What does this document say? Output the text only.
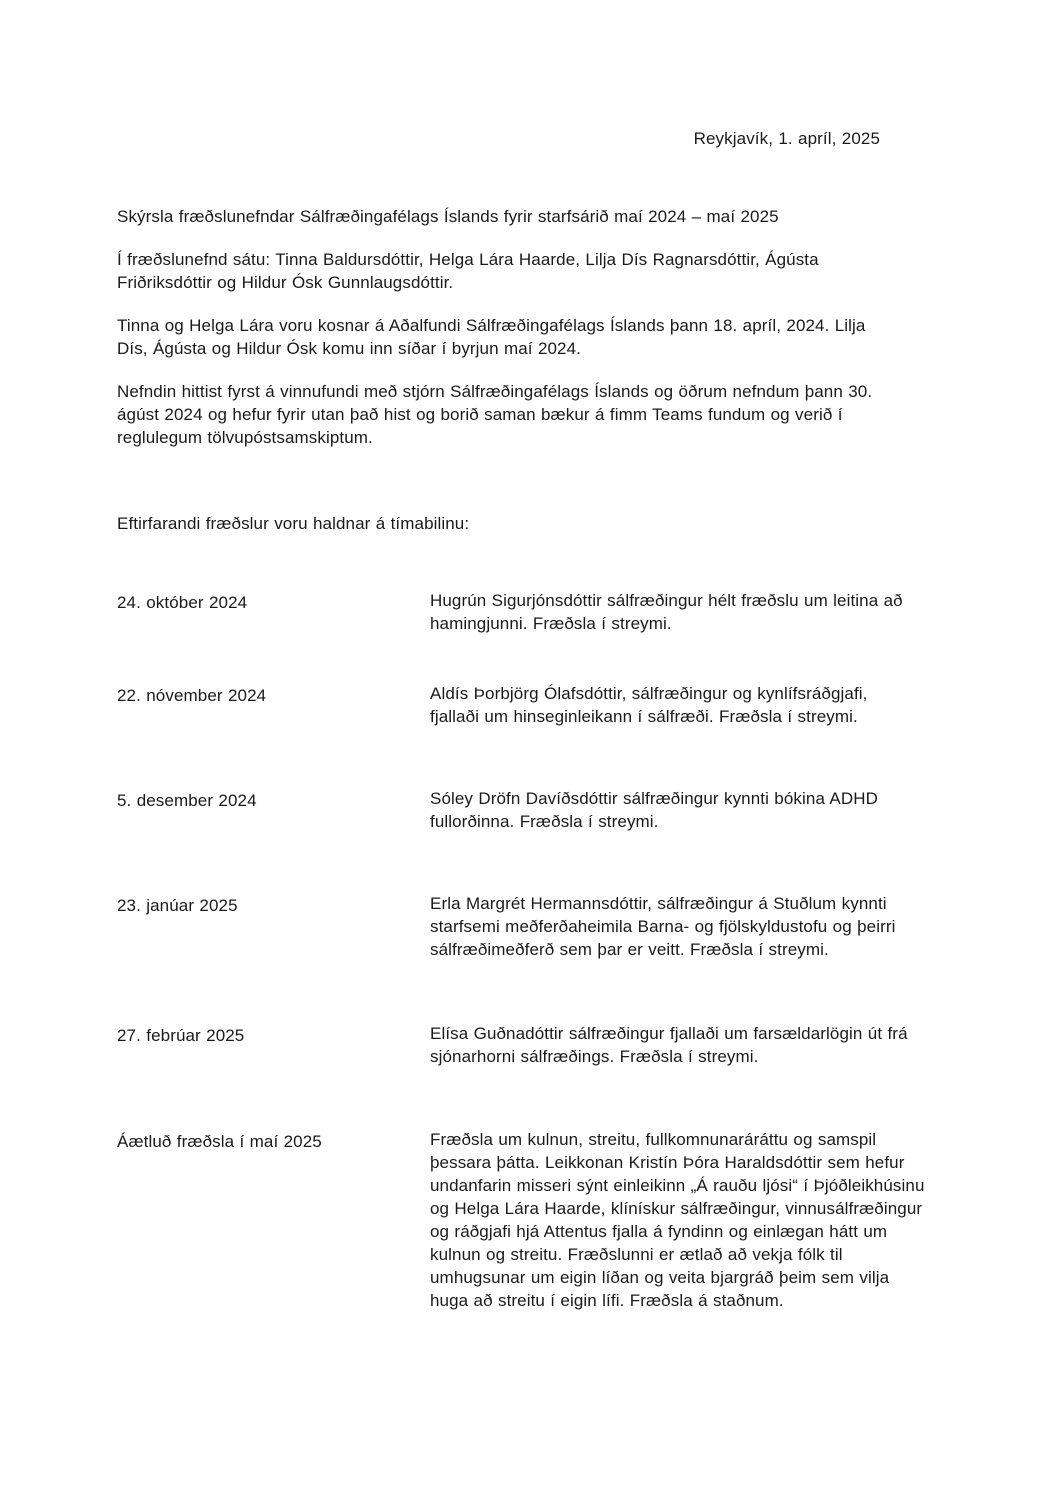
Reykjavík, 1. apríl, 2025

Skýrsla fræðslunefndar Sálfræðingafélags Íslands fyrir starfsárið maí 2024 – maí 2025

Í fræðslunefnd sátu: Tinna Baldursdóttir, Helga Lára Haarde, Lilja Dís Ragnarsdóttir, Ágústa Friðriksdóttir og Hildur Ósk Gunnlaugsdóttir.

Tinna og Helga Lára voru kosnar á Aðalfundi Sálfræðingafélags Íslands þann 18. apríl, 2024. Lilja Dís, Ágústa og Hildur Ósk komu inn síðar í byrjun maí 2024.

Nefndin hittist fyrst á vinnufundi með stjórn Sálfræðingafélags Íslands og öðrum nefndum þann 30. ágúst 2024 og hefur fyrir utan það hist og borið saman bækur á fimm Teams fundum og verið í reglulegum tölvupóstsamskiptum.

Eftirfarandi fræðslur voru haldnar á tímabilinu:

24. október 2024	Hugrún Sigurjónsdóttir sálfræðingur hélt fræðslu um leitina að hamingjunni. Fræðsla í streymi.
22. nóvember 2024	Aldís Þorbjörg Ólafsdóttir, sálfræðingur og kynlífsráðgjafi, fjallaði um hinseginleikann í sálfræði. Fræðsla í streymi.
5. desember 2024	Sóley Dröfn Davíðsdóttir sálfræðingur kynnti bókina ADHD fullorðinna. Fræðsla í streymi.
23. janúar 2025	Erla Margrét Hermannsdóttir, sálfræðingur á Stuðlum kynnti starfsemi meðferðaheimila Barna- og fjölskyldustofu og þeirri sálfræðimeðferð sem þar er veitt. Fræðsla í streymi.
27. febrúar 2025	Elísa Guðnadóttir sálfræðingur fjallaði um farsældarlögin út frá sjónarhorni sálfræðings. Fræðsla í streymi.
Áætluð fræðsla í maí 2025	Fræðsla um kulnun, streitu, fullkomnunaráráttu og samspil þessara þátta. Leikkonan Kristín Þóra Haraldsdóttir sem hefur undanfarin misseri sýnt einleikinn „Á rauðu ljósi“ í Þjóðleikhúsinu og Helga Lára Haarde, klínískur sálfræðingur, vinnusálfræðingur og ráðgjafi hjá Attentus fjalla á fyndinn og einlægan hátt um kulnun og streitu. Fræðslunni er ætlað að vekja fólk til umhugsunar um eigin líðan og veita bjargráð þeim sem vilja huga að streitu í eigin lífi. Fræðsla á staðnum.
